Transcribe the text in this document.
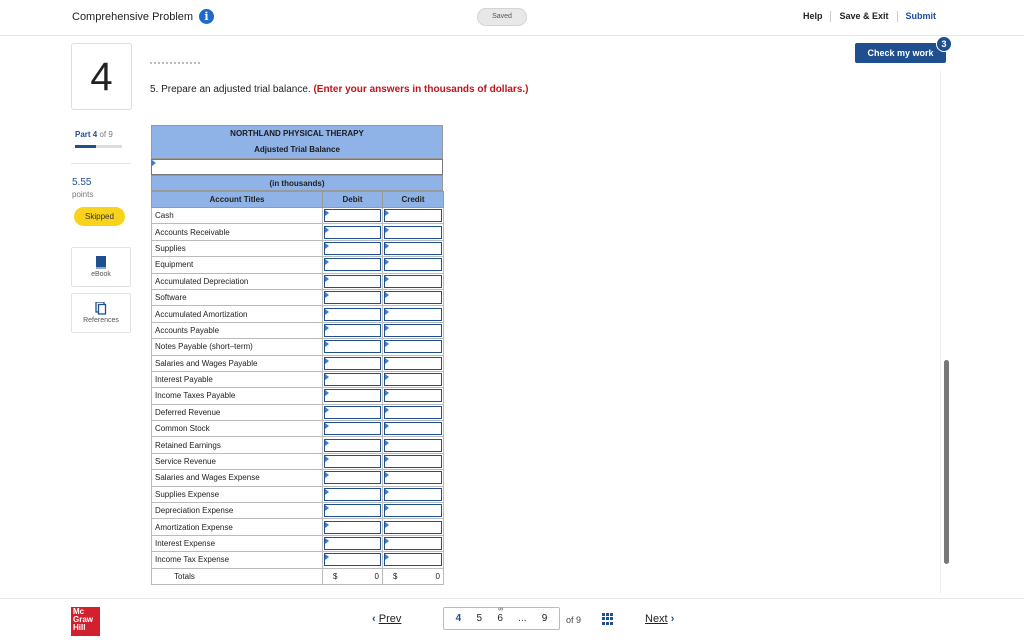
Comprehensive Problem	i	Saved	Help	Save & Exit	Submit
Check my work
3
4
Part 4 of 9
5.55
points
Skipped
eBook
References
5. Prepare an adjusted trial balance. (Enter your answers in thousands of dollars.)
NORTHLAND PHYSICAL THERAPY
Adjusted Trial Balance
(in thousands)
Account Titles	Debit	Credit
Cash	

Accounts Receivable	

Supplies	

Equipment	

Accumulated Depreciation	

Software	

Accumulated Amortization	

Accounts Payable	

Notes Payable (short–term)	

Salaries and Wages Payable	

Interest Payable	

Income Taxes Payable	

Deferred Revenue	

Common Stock	

Retained Earnings	

Service Revenue	

Salaries and Wages Expense	

Supplies Expense	

Depreciation Expense	

Amortization Expense	

Interest Expense	

Income Tax Expense	

Totals	$ 0	$ 0
Mc
Graw
Hill
‹ Prev	4 5 6 ... 9
∞
of 9	Next ›
